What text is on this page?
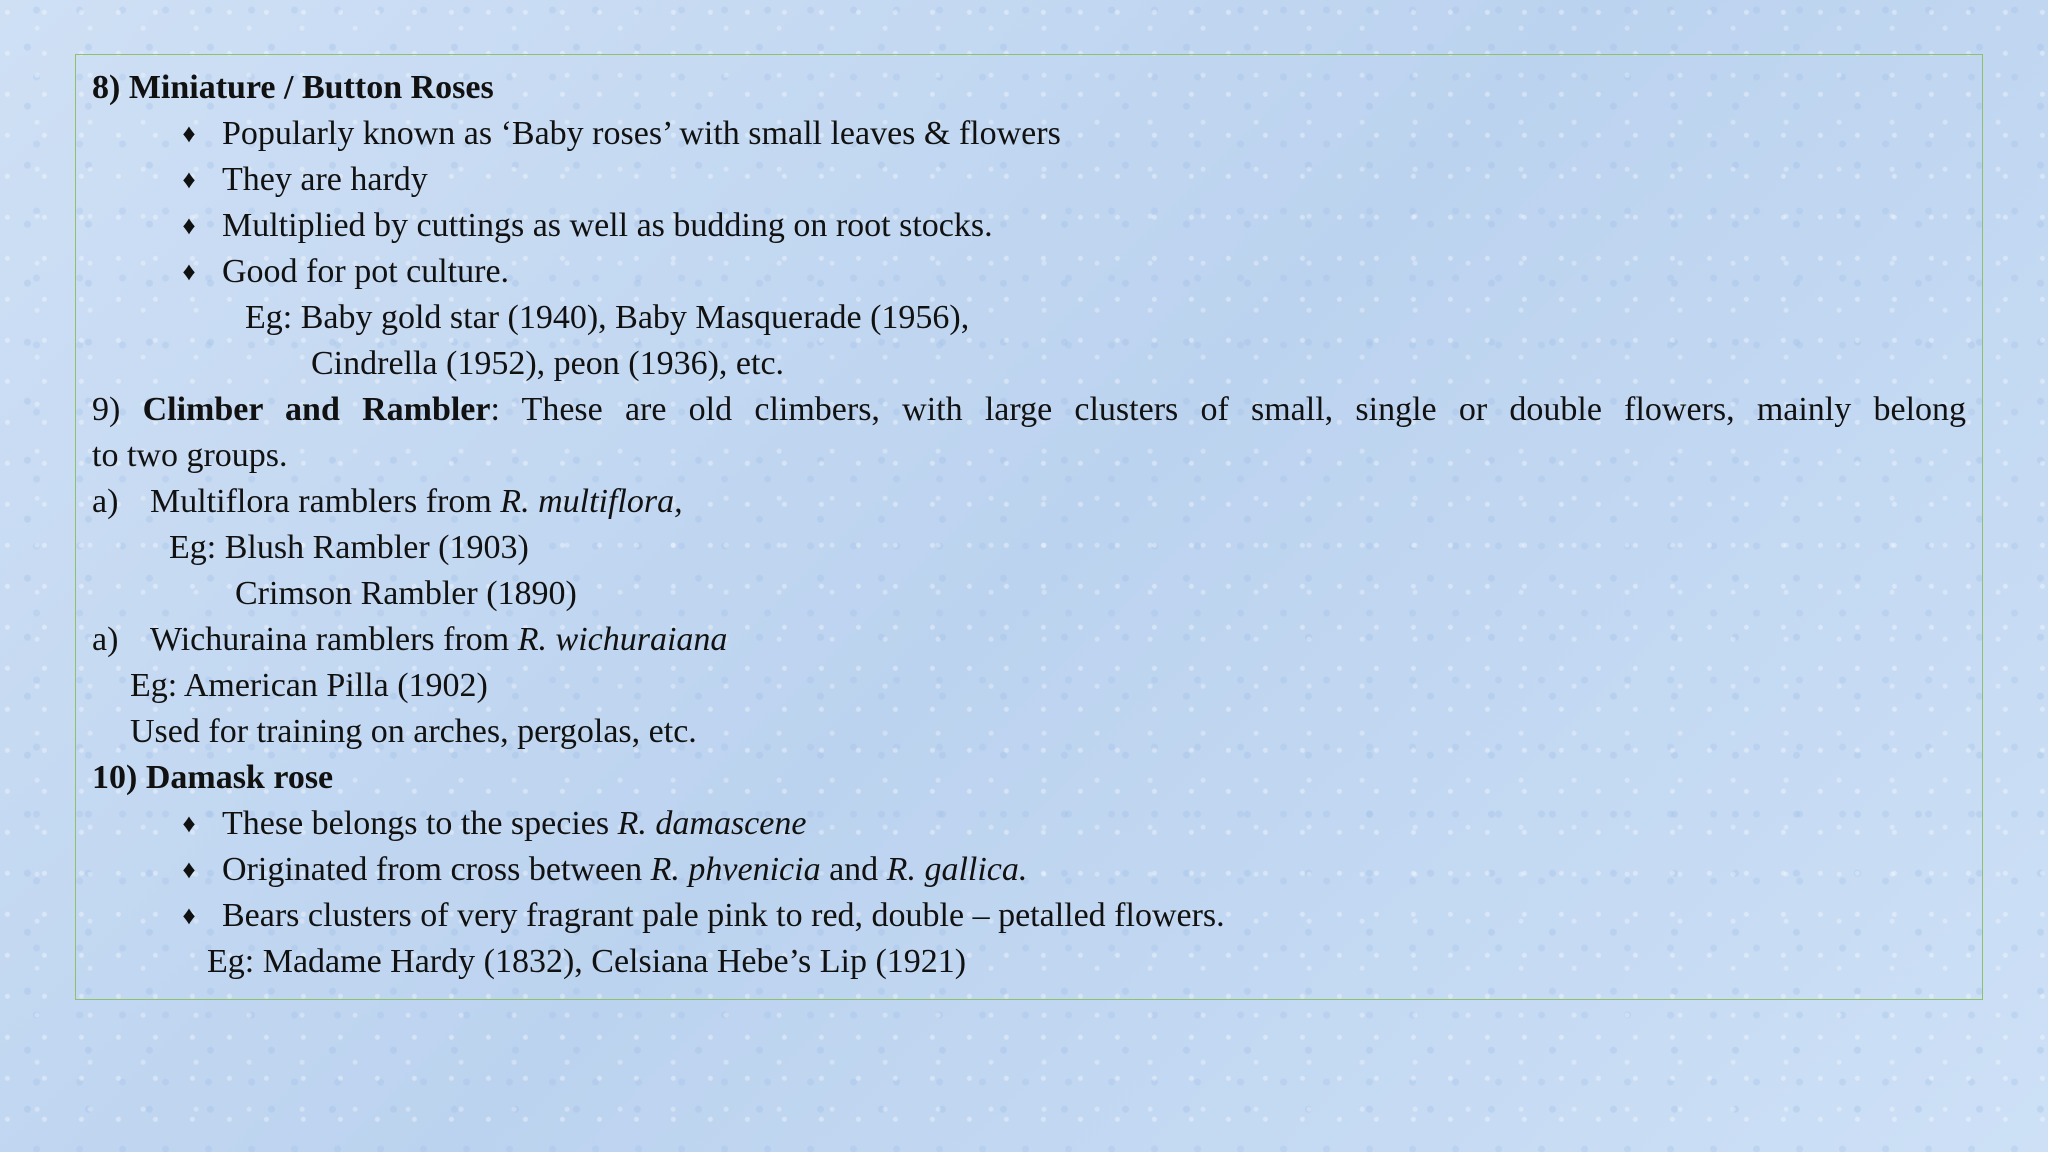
8) Miniature / Button Roses
♦ Popularly known as ‘Baby roses’ with small leaves & flowers
♦ They are hardy
♦ Multiplied by cuttings as well as budding on root stocks.
♦ Good for pot culture.
Eg: Baby gold star (1940), Baby Masquerade (1956),
Cindrella (1952), peon (1936), etc.
9) Climber and Rambler: These are old climbers, with large clusters of small, single or double flowers, mainly belong
to two groups.
a) Multiflora ramblers from R. multiflora,
Eg: Blush Rambler (1903)
Crimson Rambler (1890)
a) Wichuraina ramblers from R. wichuraiana
Eg: American Pilla (1902)
Used for training on arches, pergolas, etc.
10) Damask rose
♦ These belongs to the species R. damascene
♦ Originated from cross between R. phvenicia and R. gallica.
♦ Bears clusters of very fragrant pale pink to red, double – petalled flowers.
Eg: Madame Hardy (1832), Celsiana Hebe’s Lip (1921)
